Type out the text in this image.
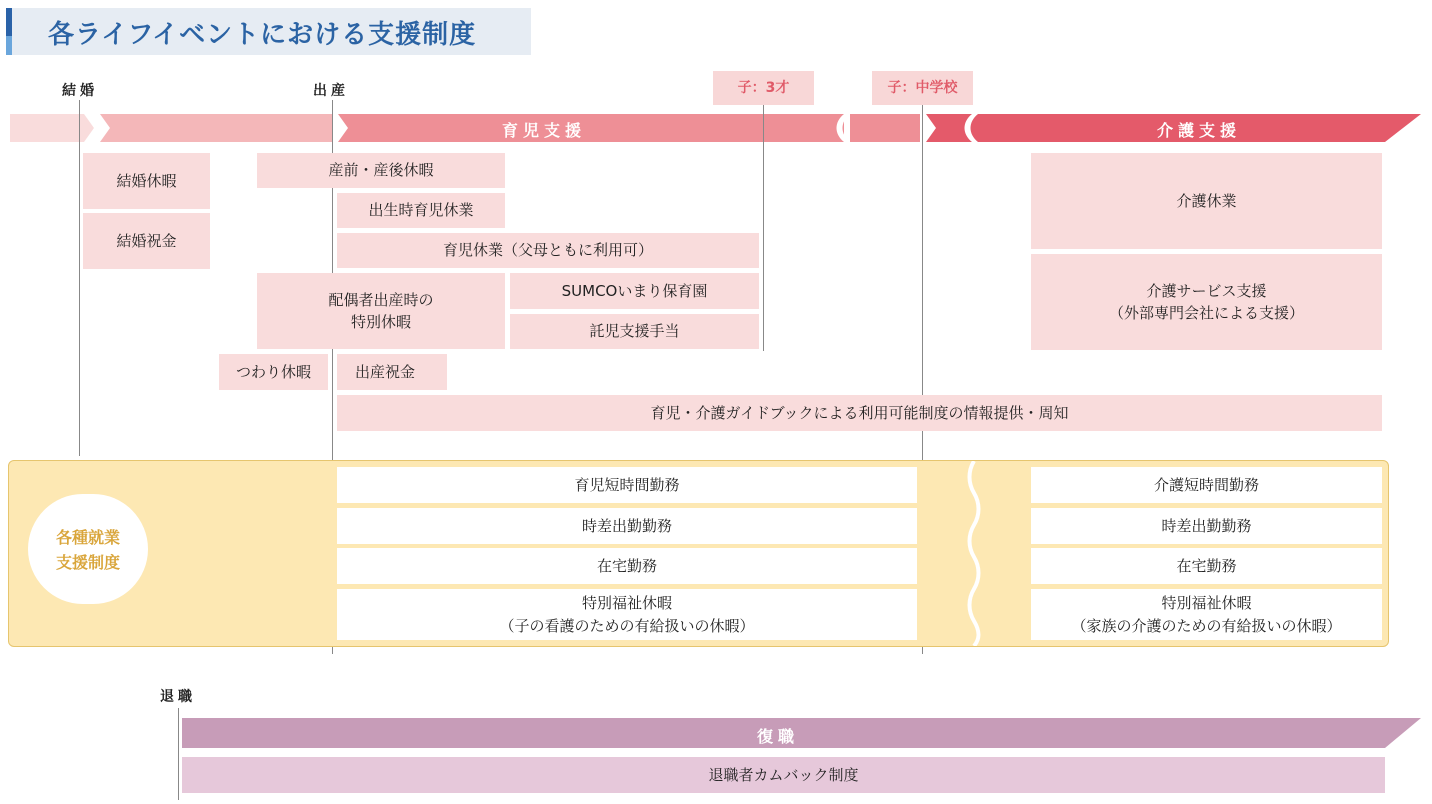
各ライフイベントにおける支援制度
結婚	出産
退職
子：3才	子：中学校
育児支援	介護支援
結婚休暇
結婚祝金
産前・産後休暇
出生時育児休業
育児休業（父母ともに利用可）
配偶者出産時の
特別休暇
SUMCOいまり保育園
託児支援手当
つわり休暇	出産祝金
育児・介護ガイドブックによる利用可能制度の情報提供・周知
介護休業
介護サービス支援
（外部専門会社による支援）
各種就業
支援制度
育児短時間勤務
時差出勤勤務
在宅勤務
特別福祉休暇
（子の看護のための有給扱いの休暇）
介護短時間勤務
時差出勤勤務
在宅勤務
特別福祉休暇
（家族の介護のための有給扱いの休暇）
復職
退職者カムバック制度
